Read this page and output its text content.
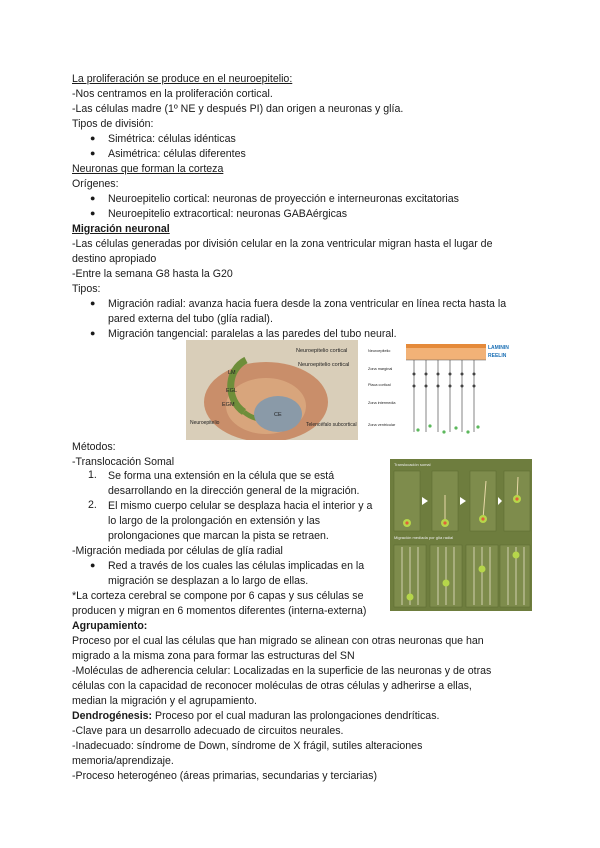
La proliferación se produce en el neuroepitelio:
-Nos centramos en la proliferación cortical.
-Las células madre (1º NE y después PI) dan origen a neuronas y glía.
Tipos de división:
● Simétrica: células idénticas
● Asimétrica: células diferentes
Neuronas que forman la corteza
Orígenes:
● Neuroepitelio cortical: neuronas de proyección e interneuronas excitatorias
● Neuroepitelio extracortical: neuronas GABAérgicas
Migración neuronal
-Las células generadas por división celular en la zona ventricular migran hasta el lugar de
destino apropiado
-Entre la semana G8 hasta la G20
Tipos:
● Migración radial: avanza hacia fuera desde la zona ventricular en línea recta hasta la
pared externa del tubo (glía radial).
● Migración tangencial: paralelas a las paredes del tubo neural.
Neuroepitelio cortical
Neuroepitelio cortical
LM
EGL
EGM
CE
Telencéfalo subcortical
Neuroepitelio
LAMININ
REELIN
Neuroepitelio
Zona marginal
Placa cortical
Zona intermedia
Zona ventricular
Métodos:
-Translocación Somal
1. Se forma una extensión en la célula que se está
desarrollando en la dirección general de la migración.
2. El mismo cuerpo celular se desplaza hacia el interior y a
lo largo de la prolongación en extensión y las
prolongaciones que marcan la pista se retraen.
-Migración mediada por células de glía radial
● Red a través de los cuales las células implicadas en la
migración se desplazan a lo largo de ellas.
*La corteza cerebral se compone por 6 capas y sus células se
producen y migran en 6 momentos diferentes (interna-externa)
Translocación somal
Migración mediada por glía radial
Agrupamiento:
Proceso por el cual las células que han migrado se alinean con otras neuronas que han
migrado a la misma zona para formar las estructuras del SN
-Moléculas de adherencia celular: Localizadas en la superficie de las neuronas y de otras
células con la capacidad de reconocer moléculas de otras células y adherirse a ellas,
median la migración y el agrupamiento.
Dendrogénesis: Proceso por el cual maduran las prolongaciones dendríticas.
-Clave para un desarrollo adecuado de circuitos neurales.
-Inadecuado: síndrome de Down, síndrome de X frágil, sutiles alteraciones
memoria/aprendizaje.
-Proceso heterogéneo (áreas primarias, secundarias y terciarias)
